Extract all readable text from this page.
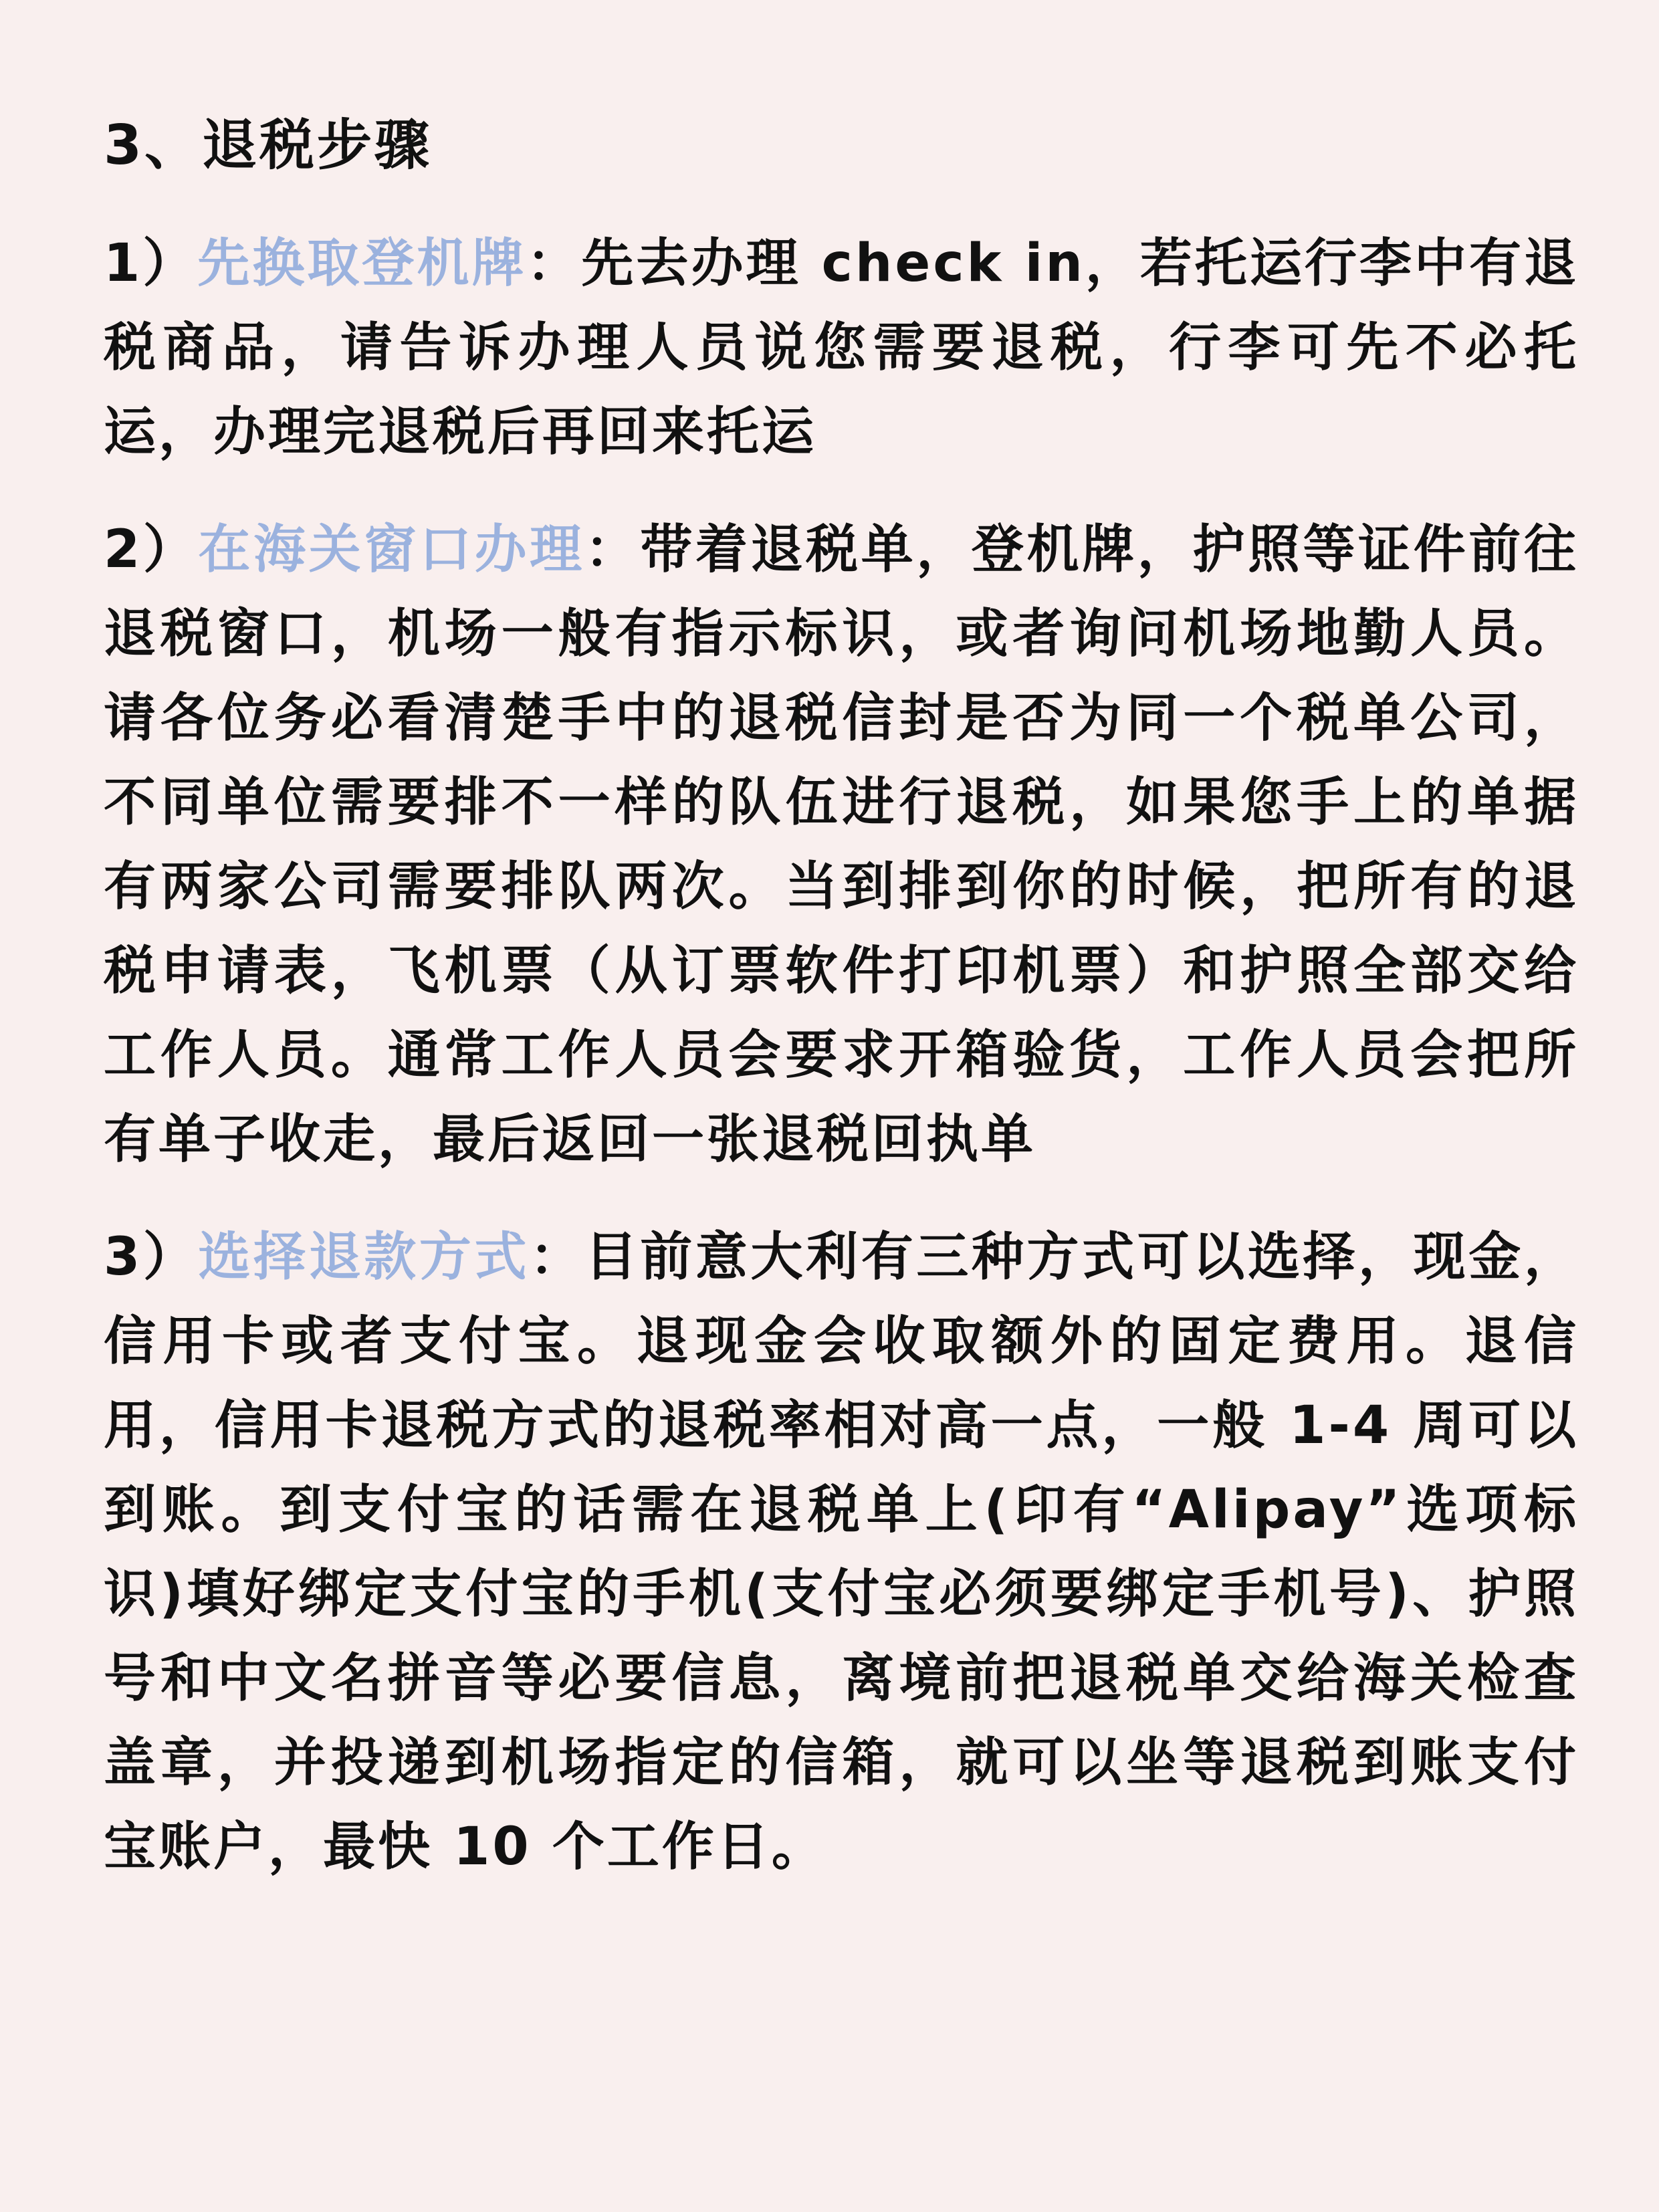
3、退税步骤

1）先换取登机牌：先去办理 check in，若托运行李中有退税商品，请告诉办理人员说您需要退税，行李可先不必托运，办理完退税后再回来托运

2）在海关窗口办理：带着退税单，登机牌，护照等证件前往退税窗口，机场一般有指示标识，或者询问机场地勤人员。请各位务必看清楚手中的退税信封是否为同一个税单公司，不同单位需要排不一样的队伍进行退税，如果您手上的单据有两家公司需要排队两次。当到排到你的时候，把所有的退税申请表，飞机票（从订票软件打印机票）和护照全部交给工作人员。通常工作人员会要求开箱验货，工作人员会把所有单子收走，最后返回一张退税回执单

3）选择退款方式：目前意大利有三种方式可以选择，现金，信用卡或者支付宝。退现金会收取额外的固定费用。退信用，信用卡退税方式的退税率相对高一点，一般 1-4 周可以到账。到支付宝的话需在退税单上(印有“Alipay”选项标识)填好绑定支付宝的手机(支付宝必须要绑定手机号)、护照号和中文名拼音等必要信息，离境前把退税单交给海关检查盖章，并投递到机场指定的信箱，就可以坐等退税到账支付宝账户，最快 10 个工作日。
